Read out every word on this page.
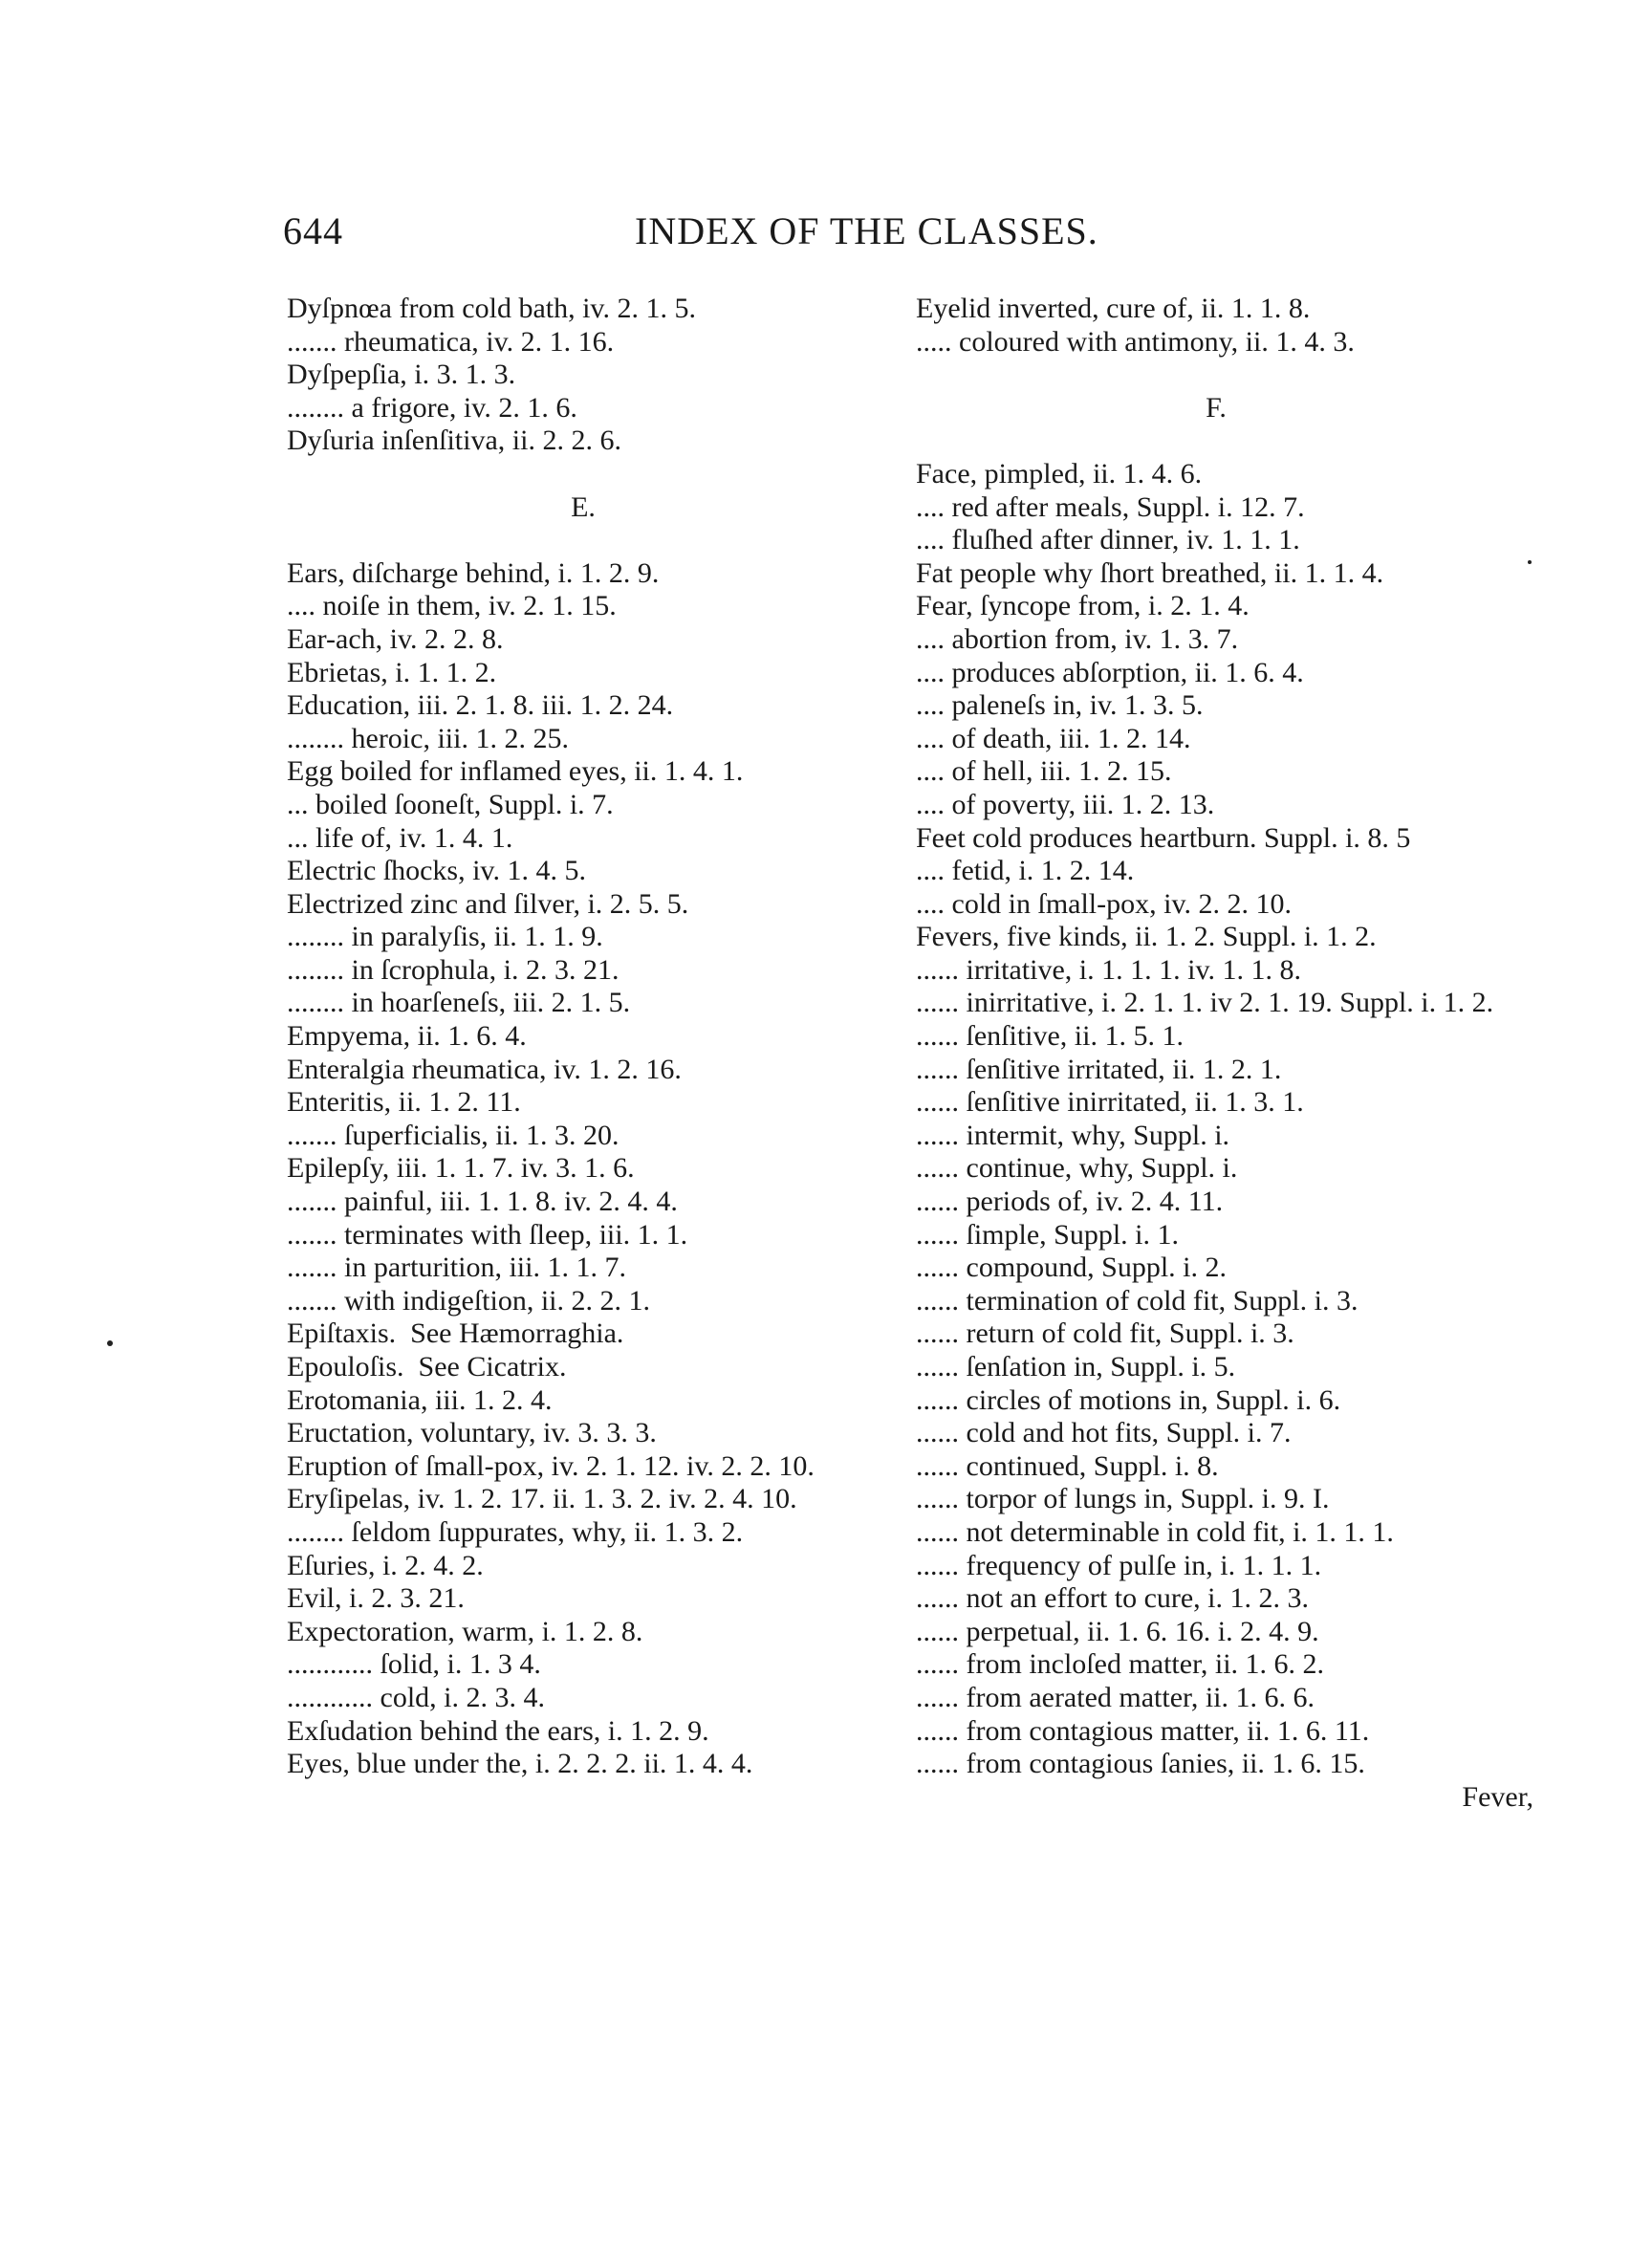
644	INDEX OF THE CLASSES.
Dyſpnœa from cold bath, iv. 2. 1. 5.
....... rheumatica, iv. 2. 1. 16.
Dyſpepſia, i. 3. 1. 3.
........ a frigore, iv. 2. 1. 6.
Dyſuria inſenſitiva, ii. 2. 2. 6.
E.
Ears, diſcharge behind, i. 1. 2. 9.
.... noiſe in them, iv. 2. 1. 15.
Ear-ach, iv. 2. 2. 8.
Ebrietas, i. 1. 1. 2.
Education, iii. 2. 1. 8. iii. 1. 2. 24.
........ heroic, iii. 1. 2. 25.
Egg boiled for inflamed eyes, ii. 1. 4. 1.
... boiled ſooneſt, Suppl. i. 7.
... life of, iv. 1. 4. 1.
Electric ſhocks, iv. 1. 4. 5.
Electrized zinc and ſilver, i. 2. 5. 5.
........ in paralyſis, ii. 1. 1. 9.
........ in ſcrophula, i. 2. 3. 21.
........ in hoarſeneſs, iii. 2. 1. 5.
Empyema, ii. 1. 6. 4.
Enteralgia rheumatica, iv. 1. 2. 16.
Enteritis, ii. 1. 2. 11.
....... ſuperficialis, ii. 1. 3. 20.
Epilepſy, iii. 1. 1. 7. iv. 3. 1. 6.
....... painful, iii. 1. 1. 8. iv. 2. 4. 4.
....... terminates with ſleep, iii. 1. 1.
....... in parturition, iii. 1. 1. 7.
....... with indigeſtion, ii. 2. 2. 1.
Epiſtaxis.  See Hæmorraghia.
Epouloſis.  See Cicatrix.
Erotomania, iii. 1. 2. 4.
Eructation, voluntary, iv. 3. 3. 3.
Eruption of ſmall-pox, iv. 2. 1. 12. iv. 2. 2. 10.
Eryſipelas, iv. 1. 2. 17. ii. 1. 3. 2. iv. 2. 4. 10.
........ ſeldom ſuppurates, why, ii. 1. 3. 2.
Eſuries, i. 2. 4. 2.
Evil, i. 2. 3. 21.
Expectoration, warm, i. 1. 2. 8.
............ ſolid, i. 1. 3 4.
............ cold, i. 2. 3. 4.
Exſudation behind the ears, i. 1. 2. 9.
Eyes, blue under the, i. 2. 2. 2. ii. 1. 4. 4.
Eyelid inverted, cure of, ii. 1. 1. 8.
..... coloured with antimony, ii. 1. 4. 3.
F.
Face, pimpled, ii. 1. 4. 6.
.... red after meals, Suppl. i. 12. 7.
.... fluſhed after dinner, iv. 1. 1. 1.
Fat people why ſhort breathed, ii. 1. 1. 4.
Fear, ſyncope from, i. 2. 1. 4.
.... abortion from, iv. 1. 3. 7.
.... produces abſorption, ii. 1. 6. 4.
.... paleneſs in, iv. 1. 3. 5.
.... of death, iii. 1. 2. 14.
.... of hell, iii. 1. 2. 15.
.... of poverty, iii. 1. 2. 13.
Feet cold produces heartburn. Suppl. i. 8. 5
.... fetid, i. 1. 2. 14.
.... cold in ſmall-pox, iv. 2. 2. 10.
Fevers, five kinds, ii. 1. 2. Suppl. i. 1. 2.
...... irritative, i. 1. 1. 1. iv. 1. 1. 8.
...... inirritative, i. 2. 1. 1. iv 2. 1. 19. Suppl. i. 1. 2.
...... ſenſitive, ii. 1. 5. 1.
...... ſenſitive irritated, ii. 1. 2. 1.
...... ſenſitive inirritated, ii. 1. 3. 1.
...... intermit, why, Suppl. i.
...... continue, why, Suppl. i.
...... periods of, iv. 2. 4. 11.
...... ſimple, Suppl. i. 1.
...... compound, Suppl. i. 2.
...... termination of cold fit, Suppl. i. 3.
...... return of cold fit, Suppl. i. 3.
...... ſenſation in, Suppl. i. 5.
...... circles of motions in, Suppl. i. 6.
...... cold and hot fits, Suppl. i. 7.
...... continued, Suppl. i. 8.
...... torpor of lungs in, Suppl. i. 9. I.
...... not determinable in cold fit, i. 1. 1. 1.
...... frequency of pulſe in, i. 1. 1. 1.
...... not an effort to cure, i. 1. 2. 3.
...... perpetual, ii. 1. 6. 16. i. 2. 4. 9.
...... from incloſed matter, ii. 1. 6. 2.
...... from aerated matter, ii. 1. 6. 6.
...... from contagious matter, ii. 1. 6. 11.
...... from contagious ſanies, ii. 1. 6. 15.
Fever,
